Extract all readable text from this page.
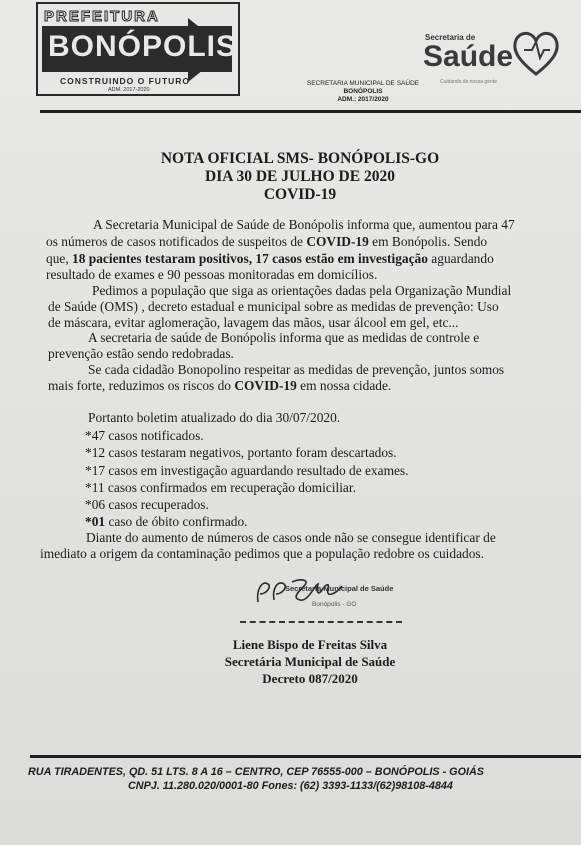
PREFEITURA
BONÓPOLIS
CONSTRUINDO O FUTURO
ADM. 2017-2020
SECRETARIA MUNICIPAL DE SAÚDE
BONÓPOLIS
ADM.: 2017/2020
Secretaria de
Saúde
Cuidando de nossa gente
NOTA OFICIAL SMS- BONÓPOLIS-GO
DIA 30 DE JULHO DE 2020
COVID-19
A Secretaria Municipal de Saúde de Bonópolis informa que, aumentou para 47
os números de casos notificados de suspeitos de COVID-19 em Bonópolis. Sendo
que, 18 pacientes testaram positivos, 17 casos estão em investigação aguardando
resultado de exames e 90 pessoas monitoradas em domicílios.
Pedimos a população que siga as orientações dadas pela Organização Mundial
de Saúde (OMS) , decreto estadual e municipal sobre as medidas de prevenção: Uso
de máscara, evitar aglomeração, lavagem das mãos, usar álcool em gel, etc...
A secretaria de saúde de Bonópolis informa que as medidas de controle e
prevenção estão sendo redobradas.
Se cada cidadão Bonopolino respeitar as medidas de prevenção, juntos somos
mais forte, reduzimos os riscos do COVID-19 em nossa cidade.
Portanto boletim atualizado do dia 30/07/2020.
*47 casos notificados.
*12 casos testaram negativos, portanto foram descartados.
*17 casos em investigação aguardando resultado de exames.
*11 casos confirmados em recuperação domiciliar.
*06 casos recuperados.
*01 caso de óbito confirmado.
Diante do aumento de números de casos onde não se consegue identificar de
imediato a origem da contaminação pedimos que a população redobre os cuidados.
Secretaria Municipal de Saúde
Bonópolis - GO
Liene Bispo de Freitas Silva
Secretária Municipal de Saúde
Decreto 087/2020
RUA TIRADENTES, QD. 51 LTS. 8 A 16 – CENTRO, CEP 76555-000 – BONÓPOLIS - GOIÁS
CNPJ. 11.280.020/0001-80 Fones: (62) 3393-1133/(62)98108-4844
